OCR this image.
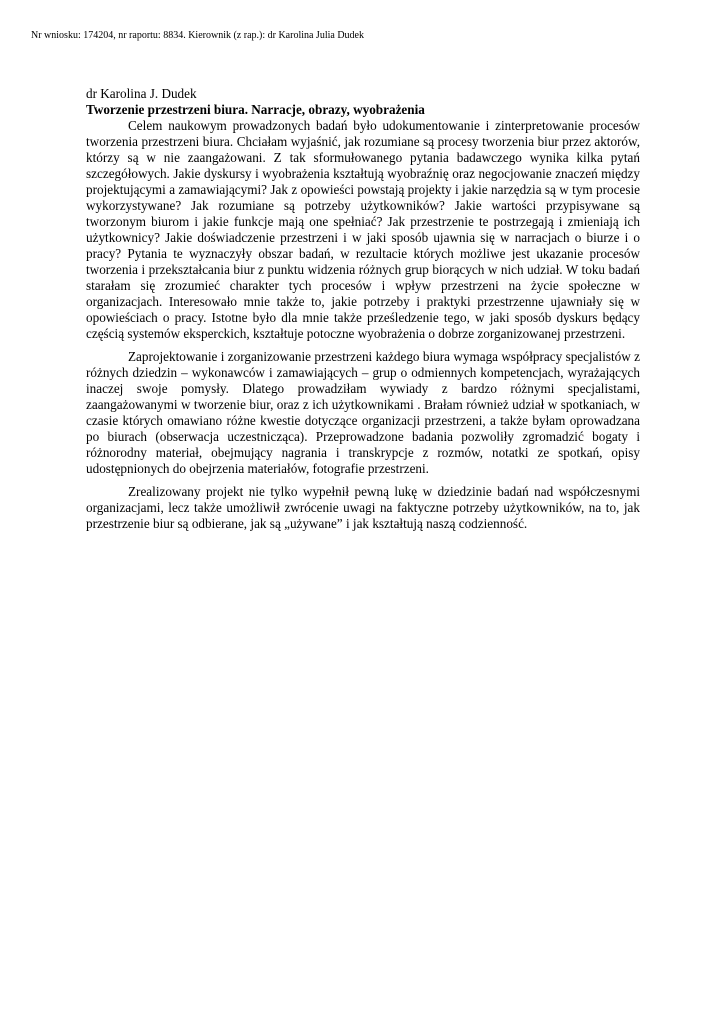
Nr wniosku: 174204, nr raportu: 8834. Kierownik (z rap.): dr Karolina Julia Dudek
dr Karolina J. Dudek
Tworzenie przestrzeni biura. Narracje, obrazy, wyobrażenia

Celem naukowym prowadzonych badań było udokumentowanie i zinterpretowanie procesów tworzenia przestrzeni biura. Chciałam wyjaśnić, jak rozumiane są procesy tworzenia biur przez aktorów, którzy są w nie zaangażowani. Z tak sformułowanego pytania badawczego wynika kilka pytań szczegółowych. Jakie dyskursy i wyobrażenia kształtują wyobraźnię oraz negocjowanie znaczeń między projektującymi a zamawiającymi? Jak z opowieści powstają projekty i jakie narzędzia są w tym procesie wykorzystywane? Jak rozumiane są potrzeby użytkowników? Jakie wartości przypisywane są tworzonym biurom i jakie funkcje mają one spełniać? Jak przestrzenie te postrzegają i zmieniają ich użytkownicy? Jakie doświadczenie przestrzeni i w jaki sposób ujawnia się w narracjach o biurze i o pracy? Pytania te wyznaczyły obszar badań, w rezultacie których możliwe jest ukazanie procesów tworzenia i przekształcania biur z punktu widzenia różnych grup biorących w nich udział. W toku badań starałam się zrozumieć charakter tych procesów i wpływ przestrzeni na życie społeczne w organizacjach. Interesowało mnie także to, jakie potrzeby i praktyki przestrzenne ujawniały się w opowieściach o pracy. Istotne było dla mnie także prześledzenie tego, w jaki sposób dyskurs będący częścią systemów eksperckich, kształtuje potoczne wyobrażenia o dobrze zorganizowanej przestrzeni.

Zaprojektowanie i zorganizowanie przestrzeni każdego biura wymaga współpracy specjalistów z różnych dziedzin – wykonawców i zamawiających – grup o odmiennych kompetencjach, wyrażających inaczej swoje pomysły. Dlatego prowadziłam wywiady z bardzo różnymi specjalistami, zaangażowanymi w tworzenie biur, oraz z ich użytkownikami . Brałam również udział w spotkaniach, w czasie których omawiano różne kwestie dotyczące organizacji przestrzeni, a także byłam oprowadzana po biurach (obserwacja uczestnicząca). Przeprowadzone badania pozwoliły zgromadzić bogaty i różnorodny materiał, obejmujący nagrania i transkrypcje z rozmów, notatki ze spotkań, opisy udostępnionych do obejrzenia materiałów, fotografie przestrzeni.

Zrealizowany projekt nie tylko wypełnił pewną lukę w dziedzinie badań nad współczesnymi organizacjami, lecz także umożliwił zwrócenie uwagi na faktyczne potrzeby użytkowników, na to, jak przestrzenie biur są odbierane, jak są „używane” i jak kształtują naszą codzienność.
